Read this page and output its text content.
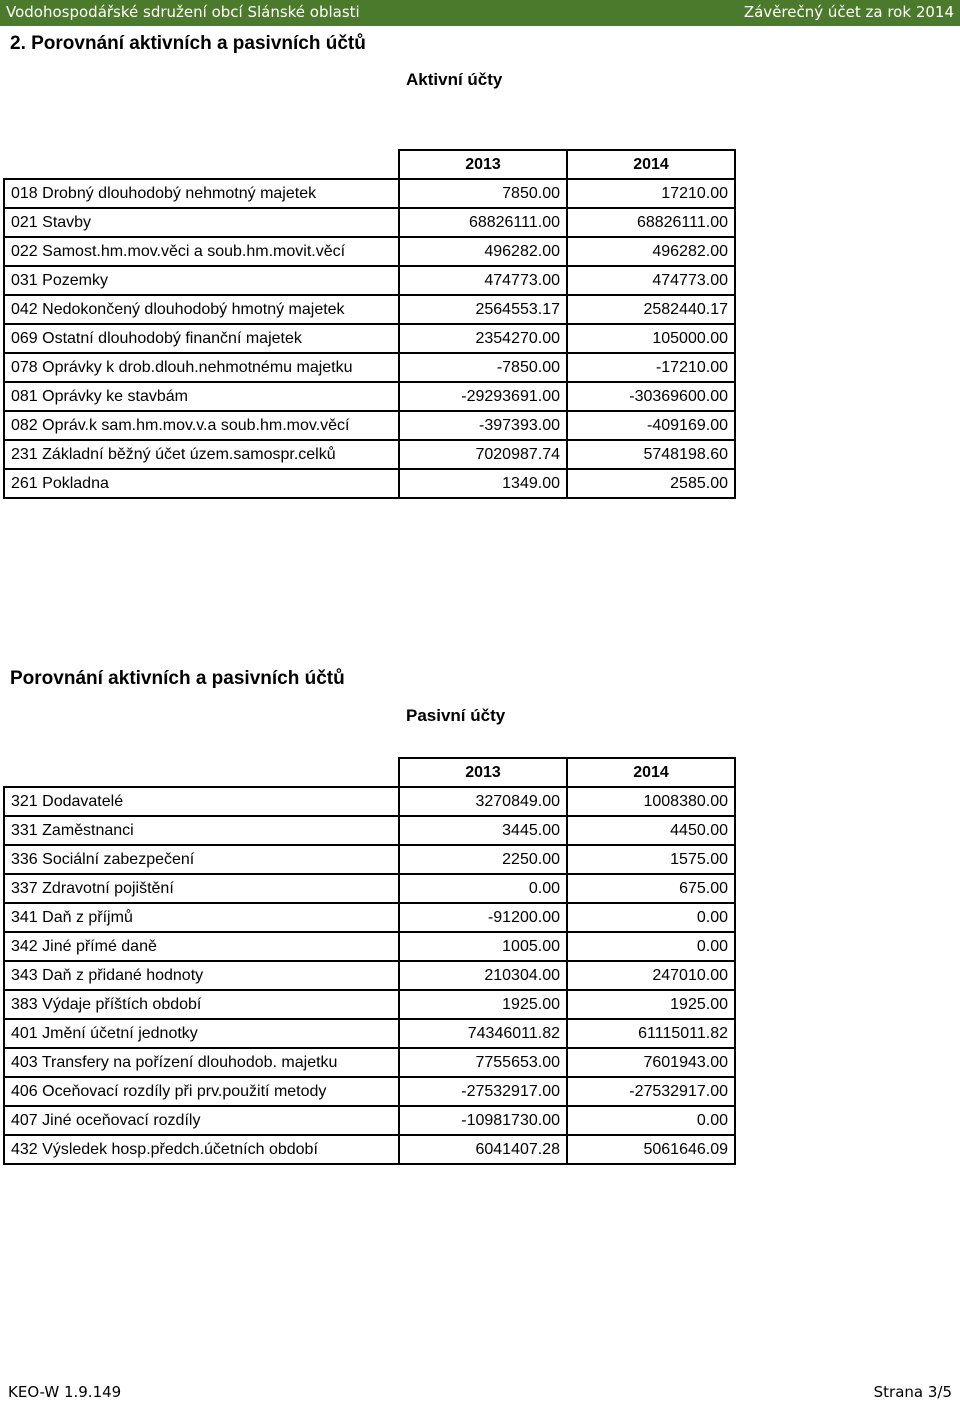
Vodohospodářské sdružení obcí Slánské oblasti	Závěrečný účet za rok 2014
2. Porovnání aktivních a pasivních účtů
Aktivní účty
	2013	2014
018 Drobný dlouhodobý nehmotný majetek	7850.00	17210.00
021 Stavby	68826111.00	68826111.00
022 Samost.hm.mov.věci a soub.hm.movit.věcí	496282.00	496282.00
031 Pozemky	474773.00	474773.00
042 Nedokončený dlouhodobý hmotný majetek	2564553.17	2582440.17
069 Ostatní dlouhodobý finanční majetek	2354270.00	105000.00
078 Oprávky k drob.dlouh.nehmotnému majetku	-7850.00	-17210.00
081 Oprávky ke stavbám	-29293691.00	-30369600.00
082 Opráv.k sam.hm.mov.v.a soub.hm.mov.věcí	-397393.00	-409169.00
231 Základní běžný účet územ.samospr.celků	7020987.74	5748198.60
261 Pokladna	1349.00	2585.00
Porovnání aktivních a pasivních účtů
Pasivní účty
	2013	2014
321 Dodavatelé	3270849.00	1008380.00
331 Zaměstnanci	3445.00	4450.00
336 Sociální zabezpečení	2250.00	1575.00
337 Zdravotní pojištění	0.00	675.00
341 Daň z příjmů	-91200.00	0.00
342 Jiné přímé daně	1005.00	0.00
343 Daň z přidané hodnoty	210304.00	247010.00
383 Výdaje příštích období	1925.00	1925.00
401 Jmění účetní jednotky	74346011.82	61115011.82
403 Transfery na pořízení dlouhodob. majetku	7755653.00	7601943.00
406 Oceňovací rozdíly při prv.použití metody	-27532917.00	-27532917.00
407 Jiné oceňovací rozdíly	-10981730.00	0.00
432 Výsledek hosp.předch.účetních období	6041407.28	5061646.09
KEO-W 1.9.149	Strana 3/5
